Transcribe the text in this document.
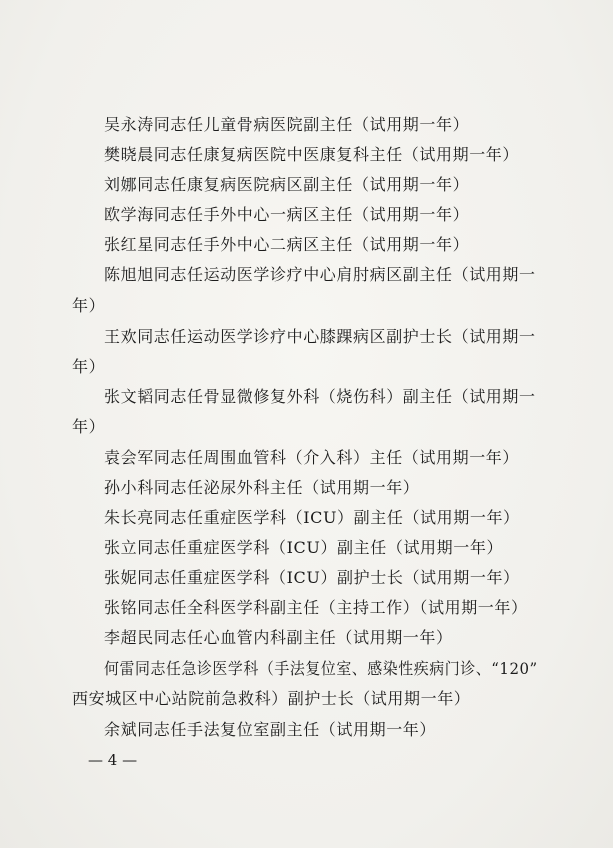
吴永涛同志任儿童骨病医院副主任（试用期一年）
樊晓晨同志任康复病医院中医康复科主任（试用期一年）
刘娜同志任康复病医院病区副主任（试用期一年）
欧学海同志任手外中心一病区主任（试用期一年）
张红星同志任手外中心二病区主任（试用期一年）
陈旭旭同志任运动医学诊疗中心肩肘病区副主任（试用期一
年）
王欢同志任运动医学诊疗中心膝踝病区副护士长（试用期一
年）
张文韬同志任骨显微修复外科（烧伤科）副主任（试用期一
年）
袁会军同志任周围血管科（介入科）主任（试用期一年）
孙小科同志任泌尿外科主任（试用期一年）
朱长亮同志任重症医学科（ICU）副主任（试用期一年）
张立同志任重症医学科（ICU）副主任（试用期一年）
张妮同志任重症医学科（ICU）副护士长（试用期一年）
张铭同志任全科医学科副主任（主持工作）（试用期一年）
李超民同志任心血管内科副主任（试用期一年）
何雷同志任急诊医学科（手法复位室、感染性疾病门诊、“120”
西安城区中心站院前急救科）副护士长（试用期一年）
余斌同志任手法复位室副主任（试用期一年）
— 4 —
